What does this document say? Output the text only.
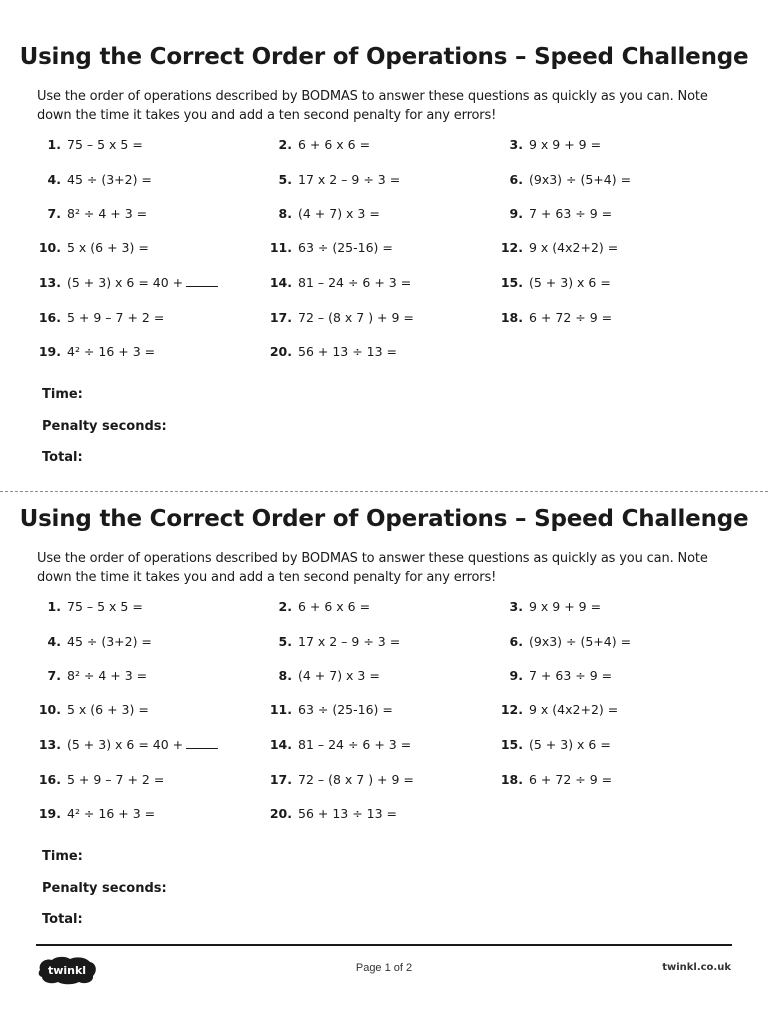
Using the Correct Order of Operations – Speed Challenge

Use the order of operations described by BODMAS to answer these questions as quickly as you can. Note down the time it takes you and add a ten second penalty for any errors!

1. 75 – 5 x 5 =	2. 6 + 6 x 6 =	3. 9 x 9 + 9 =
4. 45 ÷ (3+2) =	5. 17 x 2 – 9 ÷ 3 =	6. (9x3) ÷ (5+4) =
7. 8² ÷ 4 + 3 =	8. (4 + 7) x 3 =	9. 7 + 63 ÷ 9 =
10. 5 x (6 + 3) =	11. 63 ÷ (25-16) =	12. 9 x (4x2+2) =
13. (5 + 3) x 6 = 40 +	14. 81 – 24 ÷ 6 + 3 =	15. (5 + 3) x 6 =
16. 5 + 9 – 7 + 2 =	17. 72 – (8 x 7 ) + 9 =	18. 6 + 72 ÷ 9 =
19. 4² ÷ 16 + 3 =	20. 56 + 13 ÷ 13 =

Time:

Penalty seconds:

Total:

Using the Correct Order of Operations – Speed Challenge

Use the order of operations described by BODMAS to answer these questions as quickly as you can. Note down the time it takes you and add a ten second penalty for any errors!

1. 75 – 5 x 5 =	2. 6 + 6 x 6 =	3. 9 x 9 + 9 =
4. 45 ÷ (3+2) =	5. 17 x 2 – 9 ÷ 3 =	6. (9x3) ÷ (5+4) =
7. 8² ÷ 4 + 3 =	8. (4 + 7) x 3 =	9. 7 + 63 ÷ 9 =
10. 5 x (6 + 3) =	11. 63 ÷ (25-16) =	12. 9 x (4x2+2) =
13. (5 + 3) x 6 = 40 +	14. 81 – 24 ÷ 6 + 3 =	15. (5 + 3) x 6 =
16. 5 + 9 – 7 + 2 =	17. 72 – (8 x 7 ) + 9 =	18. 6 + 72 ÷ 9 =
19. 4² ÷ 16 + 3 =	20. 56 + 13 ÷ 13 =

Time:

Penalty seconds:

Total:

twinkl	Page 1 of 2	twinkl.co.uk
